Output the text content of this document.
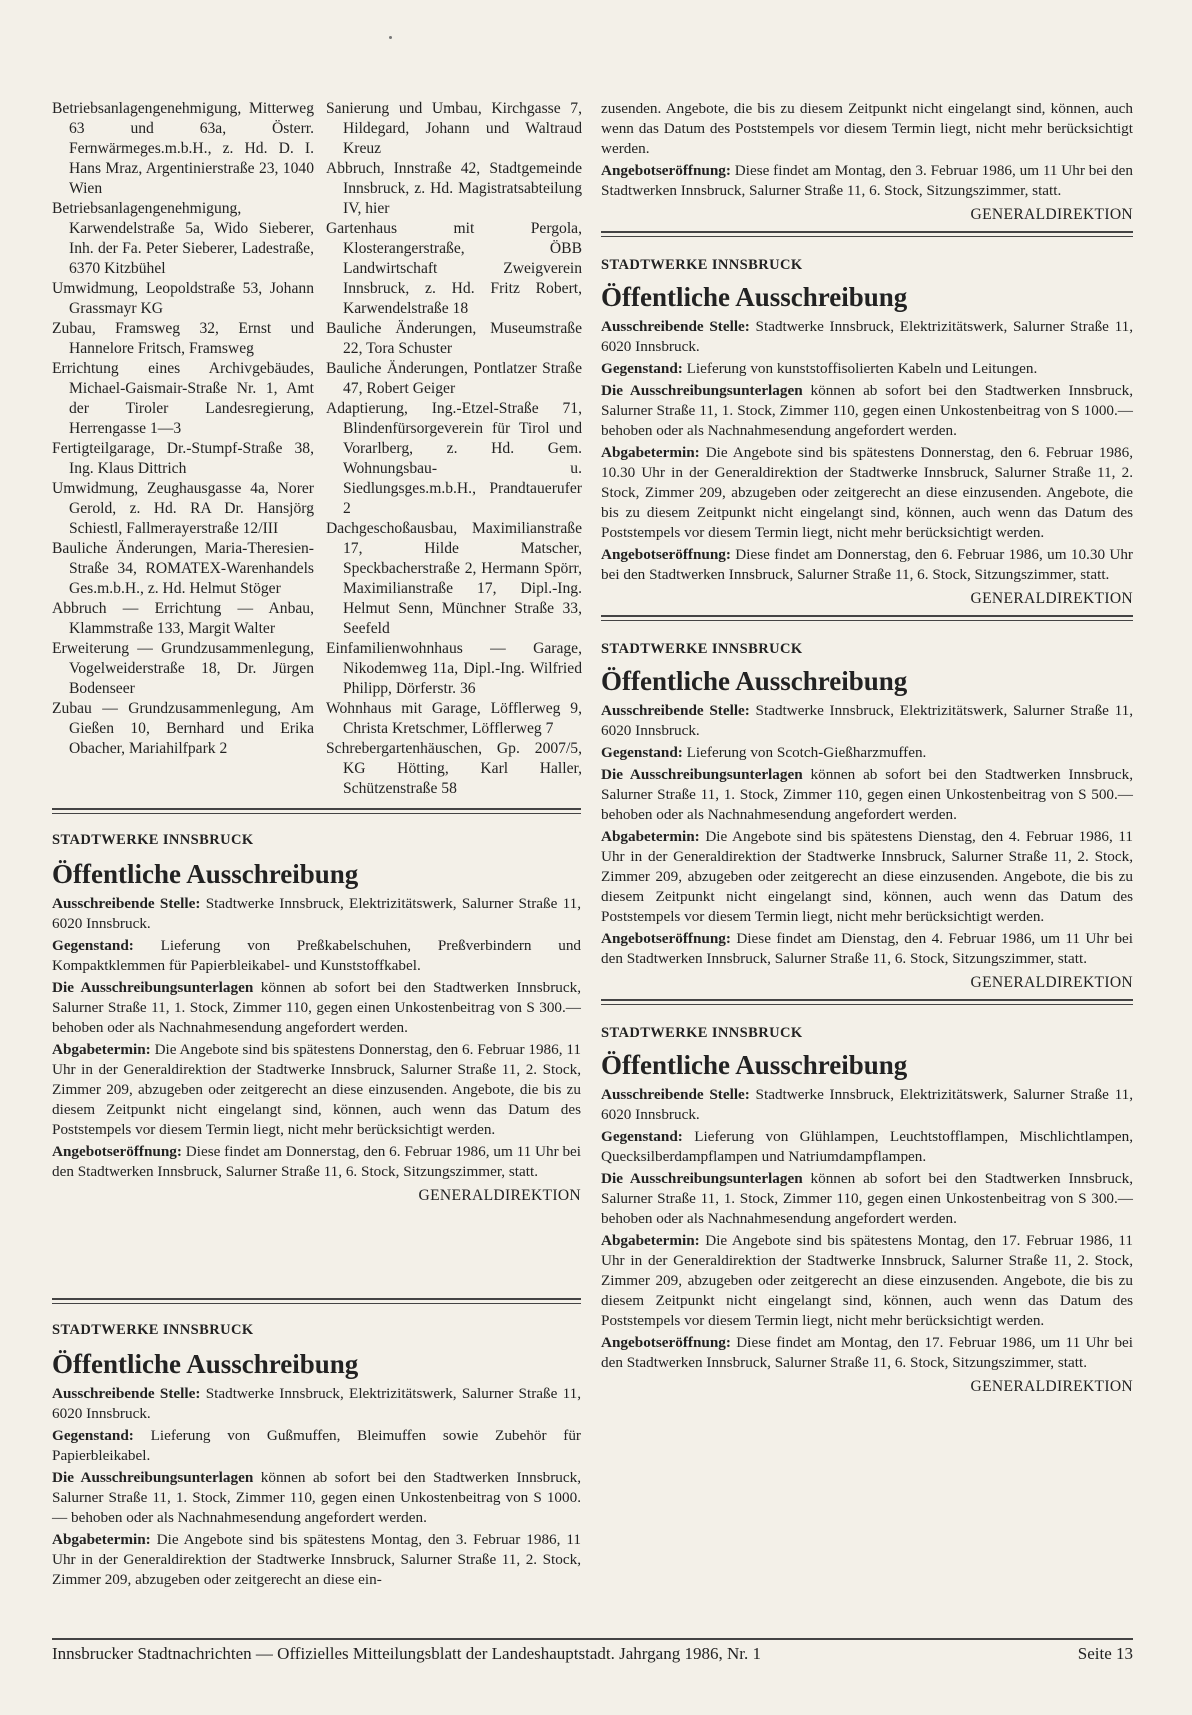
Betriebsanlagengenehmigung, Mitterweg 63 und 63a, Österr. Fernwärmeges.m.b.H., z. Hd. D. I. Hans Mraz, Argentinierstraße 23, 1040 Wien
Betriebsanlagengenehmigung, Karwendelstraße 5a, Wido Sieberer, Inh. der Fa. Peter Sieberer, Ladestraße, 6370 Kitzbühel
Umwidmung, Leopoldstraße 53, Johann Grassmayr KG
Zubau, Framsweg 32, Ernst und Hannelore Fritsch, Framsweg
Errichtung eines Archivgebäudes, Michael-Gaismair-Straße Nr. 1, Amt der Tiroler Landesregierung, Herrengasse 1—3
Fertigteilgarage, Dr.-Stumpf-Straße 38, Ing. Klaus Dittrich
Umwidmung, Zeughausgasse 4a, Norer Gerold, z. Hd. RA Dr. Hansjörg Schiestl, Fallmerayerstraße 12/III
Bauliche Änderungen, Maria-Theresien-Straße 34, ROMATEX-Warenhandels Ges.m.b.H., z. Hd. Helmut Stöger
Abbruch — Errichtung — Anbau, Klammstraße 133, Margit Walter
Erweiterung — Grundzusammenlegung, Vogelweiderstraße 18, Dr. Jürgen Bodenseer
Zubau — Grundzusammenlegung, Am Gießen 10, Bernhard und Erika Obacher, Mariahilfpark 2
Sanierung und Umbau, Kirchgasse 7, Hildegard, Johann und Waltraud Kreuz
Abbruch, Innstraße 42, Stadtgemeinde Innsbruck, z. Hd. Magistratsabteilung IV, hier
Gartenhaus mit Pergola, Klosterangerstraße, ÖBB Landwirtschaft Zweigverein Innsbruck, z. Hd. Fritz Robert, Karwendelstraße 18
Bauliche Änderungen, Museumstraße 22, Tora Schuster
Bauliche Änderungen, Pontlatzer Straße 47, Robert Geiger
Adaptierung, Ing.-Etzel-Straße 71, Blindenfürsorgeverein für Tirol und Vorarlberg, z. Hd. Gem. Wohnungsbau- u. Siedlungsges.m.b.H., Prandtauerufer 2
Dachgeschoßausbau, Maximilianstraße 17, Hilde Matscher, Speckbacherstraße 2, Hermann Spörr, Maximilianstraße 17, Dipl.-Ing. Helmut Senn, Münchner Straße 33, Seefeld
Einfamilienwohnhaus — Garage, Nikodemweg 11a, Dipl.-Ing. Wilfried Philipp, Dörferstr. 36
Wohnhaus mit Garage, Löfflerweg 9, Christa Kretschmer, Löfflerweg 7
Schrebergartenhäuschen, Gp. 2007/5, KG Hötting, Karl Haller, Schützenstraße 58
STADTWERKE INNSBRUCK
Öffentliche Ausschreibung

Ausschreibende Stelle: Stadtwerke Innsbruck, Elektrizitätswerk, Salurner Straße 11, 6020 Innsbruck.

Gegenstand: Lieferung von Preßkabelschuhen, Preßverbindern und Kompaktklemmen für Papierbleikabel- und Kunststoffkabel.

Die Ausschreibungsunterlagen können ab sofort bei den Stadtwerken Innsbruck, Salurner Straße 11, 1. Stock, Zimmer 110, gegen einen Unkostenbeitrag von S 300.— behoben oder als Nachnahmesendung angefordert werden.

Abgabetermin: Die Angebote sind bis spätestens Donnerstag, den 6. Februar 1986, 11 Uhr in der Generaldirektion der Stadtwerke Innsbruck, Salurner Straße 11, 2. Stock, Zimmer 209, abzugeben oder zeitgerecht an diese einzusenden. Angebote, die bis zu diesem Zeitpunkt nicht eingelangt sind, können, auch wenn das Datum des Poststempels vor diesem Termin liegt, nicht mehr berücksichtigt werden.

Angebotseröffnung: Diese findet am Donnerstag, den 6. Februar 1986, um 11 Uhr bei den Stadtwerken Innsbruck, Salurner Straße 11, 6. Stock, Sitzungszimmer, statt.

GENERALDIREKTION
STADTWERKE INNSBRUCK
Öffentliche Ausschreibung

Ausschreibende Stelle: Stadtwerke Innsbruck, Elektrizitätswerk, Salurner Straße 11, 6020 Innsbruck.

Gegenstand: Lieferung von Gußmuffen, Bleimuffen sowie Zubehör für Papierbleikabel.

Die Ausschreibungsunterlagen können ab sofort bei den Stadtwerken Innsbruck, Salurner Straße 11, 1. Stock, Zimmer 110, gegen einen Unkostenbeitrag von S 1000.— behoben oder als Nachnahmesendung angefordert werden.

Abgabetermin: Die Angebote sind bis spätestens Montag, den 3. Februar 1986, 11 Uhr in der Generaldirektion der Stadtwerke Innsbruck, Salurner Straße 11, 2. Stock, Zimmer 209, abzugeben oder zeitgerecht an diese ein-

zusenden. Angebote, die bis zu diesem Zeitpunkt nicht eingelangt sind, können, auch wenn das Datum des Poststempels vor diesem Termin liegt, nicht mehr berücksichtigt werden.

Angebotseröffnung: Diese findet am Montag, den 3. Februar 1986, um 11 Uhr bei den Stadtwerken Innsbruck, Salurner Straße 11, 6. Stock, Sitzungszimmer, statt.

GENERALDIREKTION
STADTWERKE INNSBRUCK
Öffentliche Ausschreibung

Ausschreibende Stelle: Stadtwerke Innsbruck, Elektrizitätswerk, Salurner Straße 11, 6020 Innsbruck.

Gegenstand: Lieferung von kunststoffisolierten Kabeln und Leitungen.

Die Ausschreibungsunterlagen können ab sofort bei den Stadtwerken Innsbruck, Salurner Straße 11, 1. Stock, Zimmer 110, gegen einen Unkostenbeitrag von S 1000.— behoben oder als Nachnahmesendung angefordert werden.

Abgabetermin: Die Angebote sind bis spätestens Donnerstag, den 6. Februar 1986, 10.30 Uhr in der Generaldirektion der Stadtwerke Innsbruck, Salurner Straße 11, 2. Stock, Zimmer 209, abzugeben oder zeitgerecht an diese einzusenden. Angebote, die bis zu diesem Zeitpunkt nicht eingelangt sind, können, auch wenn das Datum des Poststempels vor diesem Termin liegt, nicht mehr berücksichtigt werden.

Angebotseröffnung: Diese findet am Donnerstag, den 6. Februar 1986, um 10.30 Uhr bei den Stadtwerken Innsbruck, Salurner Straße 11, 6. Stock, Sitzungszimmer, statt.

GENERALDIREKTION
STADTWERKE INNSBRUCK
Öffentliche Ausschreibung

Ausschreibende Stelle: Stadtwerke Innsbruck, Elektrizitätswerk, Salurner Straße 11, 6020 Innsbruck.

Gegenstand: Lieferung von Scotch-Gießharzmuffen.

Die Ausschreibungsunterlagen können ab sofort bei den Stadtwerken Innsbruck, Salurner Straße 11, 1. Stock, Zimmer 110, gegen einen Unkostenbeitrag von S 500.— behoben oder als Nachnahmesendung angefordert werden.

Abgabetermin: Die Angebote sind bis spätestens Dienstag, den 4. Februar 1986, 11 Uhr in der Generaldirektion der Stadtwerke Innsbruck, Salurner Straße 11, 2. Stock, Zimmer 209, abzugeben oder zeitgerecht an diese einzusenden. Angebote, die bis zu diesem Zeitpunkt nicht eingelangt sind, können, auch wenn das Datum des Poststempels vor diesem Termin liegt, nicht mehr berücksichtigt werden.

Angebotseröffnung: Diese findet am Dienstag, den 4. Februar 1986, um 11 Uhr bei den Stadtwerken Innsbruck, Salurner Straße 11, 6. Stock, Sitzungszimmer, statt.

GENERALDIREKTION
STADTWERKE INNSBRUCK
Öffentliche Ausschreibung

Ausschreibende Stelle: Stadtwerke Innsbruck, Elektrizitätswerk, Salurner Straße 11, 6020 Innsbruck.

Gegenstand: Lieferung von Glühlampen, Leuchtstofflampen, Mischlichtlampen, Quecksilberdampflampen und Natriumdampflampen.

Die Ausschreibungsunterlagen können ab sofort bei den Stadtwerken Innsbruck, Salurner Straße 11, 1. Stock, Zimmer 110, gegen einen Unkostenbeitrag von S 300.— behoben oder als Nachnahmesendung angefordert werden.

Abgabetermin: Die Angebote sind bis spätestens Montag, den 17. Februar 1986, 11 Uhr in der Generaldirektion der Stadtwerke Innsbruck, Salurner Straße 11, 2. Stock, Zimmer 209, abzugeben oder zeitgerecht an diese einzusenden. Angebote, die bis zu diesem Zeitpunkt nicht eingelangt sind, können, auch wenn das Datum des Poststempels vor diesem Termin liegt, nicht mehr berücksichtigt werden.

Angebotseröffnung: Diese findet am Montag, den 17. Februar 1986, um 11 Uhr bei den Stadtwerken Innsbruck, Salurner Straße 11, 6. Stock, Sitzungszimmer, statt.

GENERALDIREKTION
Innsbrucker Stadtnachrichten — Offizielles Mitteilungsblatt der Landeshauptstadt. Jahrgang 1986, Nr. 1	Seite 13
